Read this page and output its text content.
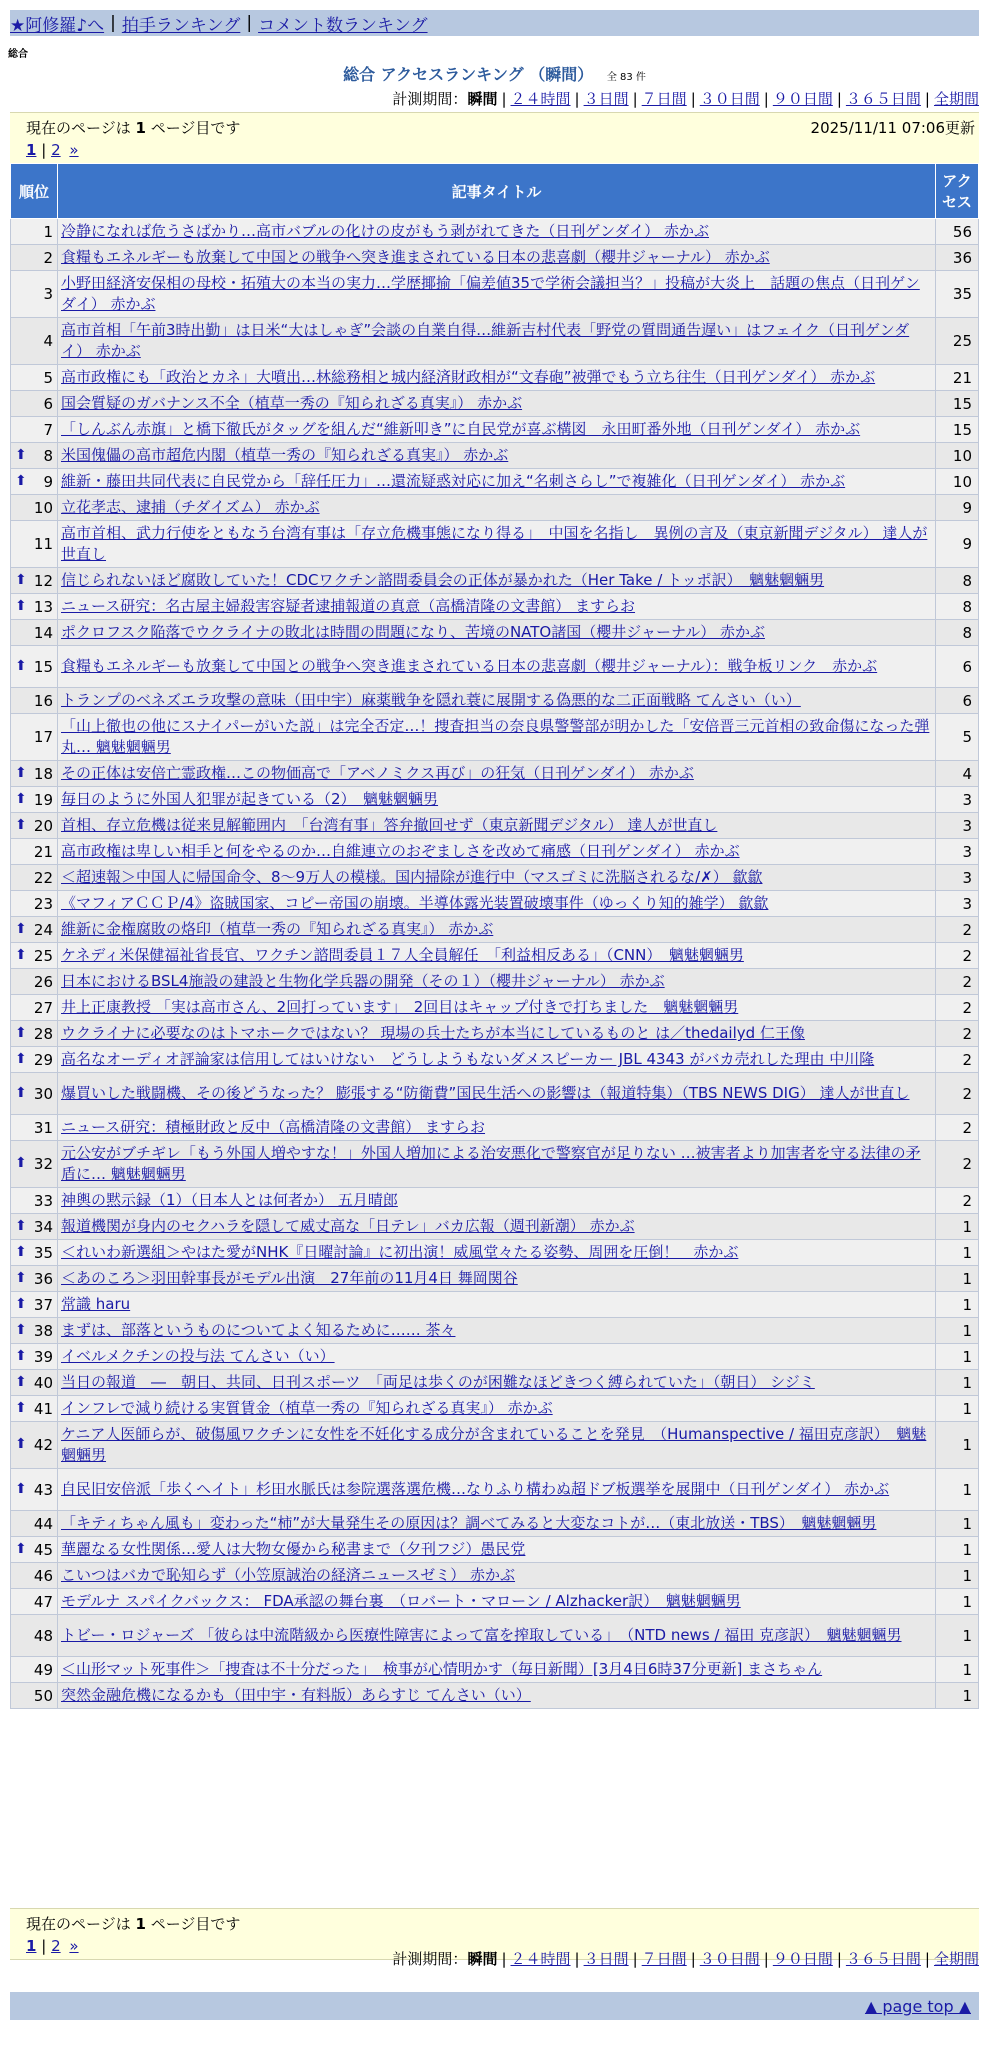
★阿修羅♪へ | 拍手ランキング | コメント数ランキング
総合
総合 アクセスランキング （瞬間） 全 83 件
計測期間：瞬間 | ２４時間 | ３日間 | ７日間 | ３０日間 | ９０日間 | ３６５日間 | 全期間
現在のページは 1 ページ目です	2025/11/11 07:06更新
1 | 2 »
順位	記事タイトル	アクセス
1	冷静になれば危うさばかり…高市バブルの化けの皮がもう剥がれてきた（日刊ゲンダイ） 赤かぶ	56
2	食糧もエネルギーも放棄して中国との戦争へ突き進まされている日本の悲喜劇（櫻井ジャーナル） 赤かぶ	36
3	小野田経済安保相の母校・拓殖大の本当の実力…学歴揶揄「偏差値35で学術会議担当？」投稿が大炎上　話題の焦点（日刊ゲンダイ） 赤かぶ	35
4	高市首相「午前3時出勤」は日米“大はしゃぎ”会談の自業自得…維新吉村代表「野党の質問通告遅い」はフェイク（日刊ゲンダイ） 赤かぶ	25
5	高市政権にも「政治とカネ」大噴出…林総務相と城内経済財政相が“文春砲”被弾でもう立ち往生（日刊ゲンダイ） 赤かぶ	21
6	国会質疑のガバナンス不全（植草一秀の『知られざる真実』） 赤かぶ	15
7	「しんぶん赤旗」と橋下徹氏がタッグを組んだ“維新叩き”に自民党が喜ぶ構図　永田町番外地（日刊ゲンダイ） 赤かぶ	15

⬆ 8	米国傀儡の高市超危内閣（植草一秀の『知られざる真実』） 赤かぶ	10

⬆ 9	維新・藤田共同代表に自民党から「辞任圧力」…還流疑惑対応に加え“名刺さらし”で複雑化（日刊ゲンダイ） 赤かぶ	10
10	立花孝志、逮捕（チダイズム） 赤かぶ	9
11	高市首相、武力行使をともなう台湾有事は「存立危機事態になり得る」　中国を名指し　異例の言及（東京新聞デジタル） 達人が世直し	9

⬆ 12	信じられないほど腐敗していた！CDCワクチン諮問委員会の正体が暴かれた（Her Take / トッポ訳）　魑魅魍魎男	8

⬆ 13	ニュース研究：名古屋主婦殺害容疑者逮捕報道の真意（高橋清隆の文書館） ますらお	8
14	ポクロフスク陥落でウクライナの敗北は時間の問題になり、苦境のNATO諸国（櫻井ジャーナル） 赤かぶ	8

⬆ 15	食糧もエネルギーも放棄して中国との戦争へ突き進まされている日本の悲喜劇（櫻井ジャーナル）：戦争板リンク　赤かぶ	6
16	トランプのベネズエラ攻撃の意味（田中宇）麻薬戦争を隠れ蓑に展開する偽悪的な二正面戦略 てんさい（い）	6
17	「山上徹也の他にスナイパーがいた説」は完全否定…！捜査担当の奈良県警警部が明かした「安倍晋三元首相の致命傷になった弾丸… 魑魅魍魎男	5

⬆ 18	その正体は安倍亡霊政権…この物価高で「アベノミクス再び」の狂気（日刊ゲンダイ） 赤かぶ	4

⬆ 19	毎日のように外国人犯罪が起きている（2）　魑魅魍魎男	3

⬆ 20	首相、存立危機は従来見解範囲内　「台湾有事」答弁撤回せず（東京新聞デジタル） 達人が世直し	3
21	高市政権は卑しい相手と何をやるのか…自維連立のおぞましさを改めて痛感（日刊ゲンダイ） 赤かぶ	3
22	＜超速報＞中国人に帰国命令、8〜9万人の模様。国内掃除が進行中（マスゴミに洗脳されるな/✗） 歙歙	3
23	《マフィアＣＣＰ/4》盗賊国家、コピー帝国の崩壊。半導体露光装置破壊事件（ゆっくり知的雑学） 歙歙	3

⬆ 24	維新に金権腐敗の烙印（植草一秀の『知られざる真実』） 赤かぶ	2

⬆ 25	ケネディ米保健福祉省長官、ワクチン諮問委員１７人全員解任　「利益相反ある」（CNN）　魑魅魍魎男	2
26	日本におけるBSL4施設の建設と生物化学兵器の開発（その１）（櫻井ジャーナル） 赤かぶ	2
27	井上正康教授 「実は高市さん、2回打っています」　2回目はキャップ付きで打ちました　魑魅魍魎男	2

⬆ 28	ウクライナに必要なのはトマホークではない？ 現場の兵士たちが本当にしているものと は／thedailyd 仁王像	2

⬆ 29	高名なオーディオ評論家は信用してはいけない　どうしようもないダメスピーカー JBL 4343 がバカ売れした理由 中川隆	2

⬆ 30	爆買いした戦闘機、その後どうなった？ 膨張する“防衛費”国民生活への影響は（報道特集）（TBS NEWS DIG） 達人が世直し	2
31	ニュース研究：積極財政と反中（高橋清隆の文書館） ますらお	2

⬆ 32	元公安がブチギレ「もう外国人増やすな！」外国人増加による治安悪化で警察官が足りない …被害者より加害者を守る法律の矛盾に… 魑魅魍魎男	2
33	神輿の黙示録（1）（日本人とは何者か） 五月晴郎	2

⬆ 34	報道機関が身内のセクハラを隠して威丈高な「日テレ」バカ広報（週刊新潮） 赤かぶ	1

⬆ 35	＜れいわ新選組＞やはた愛がNHK『日曜討論』に初出演！威風堂々たる姿勢、周囲を圧倒！　赤かぶ	1

⬆ 36	＜あのころ＞羽田幹事長がモデル出演　27年前の11月4日 舞岡関谷	1

⬆ 37	常識 haru	1

⬆ 38	まずは、部落というものについてよく知るために…… 茶々	1

⬆ 39	イベルメクチンの投与法 てんさい（い）	1

⬆ 40	当日の報道　―　朝日、共同、日刊スポーツ　「両足は歩くのが困難なほどきつく縛られていた」（朝日） シジミ	1

⬆ 41	インフレで減り続ける実質賃金（植草一秀の『知られざる真実』） 赤かぶ	1

⬆ 42	ケニア人医師らが、破傷風ワクチンに女性を不妊化する成分が含まれていることを発見　（Humanspective / 福田克彦訳）　魑魅魍魎男	1

⬆ 43	自民旧安倍派「歩くヘイト」杉田水脈氏は参院選落選危機…なりふり構わぬ超ドブ板選挙を展開中（日刊ゲンダイ） 赤かぶ	1
44	「キティちゃん風も」変わった“柿”が大量発生その原因は？調べてみると大変なコトが…（東北放送・TBS）　魑魅魍魎男	1

⬆ 45	華麗なる女性関係…愛人は大物女優から秘書まで（夕刊フジ）愚民党	1
46	こいつはバカで恥知らず（小笠原誠治の経済ニュースゼミ） 赤かぶ	1
47	モデルナ スパイクバックス： FDA承認の舞台裏　（ロバート・マローン / Alzhacker訳）　魑魅魍魎男	1
48	トビー・ロジャーズ 「彼らは中流階級から医療性障害によって富を搾取している」　（NTD news / 福田 克彦訳）　魑魅魍魎男	1
49	＜山形マット死事件＞「捜査は不十分だった」　検事が心情明かす（毎日新聞）[3月4日6時37分更新] まさちゃん	1
50	突然金融危機になるかも（田中宇・有料版）あらすじ てんさい（い）	1
現在のページは 1 ページ目です
1 | 2 »
計測期間：瞬間 | ２４時間 | ３日間 | ７日間 | ３０日間 | ９０日間 | ３６５日間 | 全期間
▲ page top ▲
